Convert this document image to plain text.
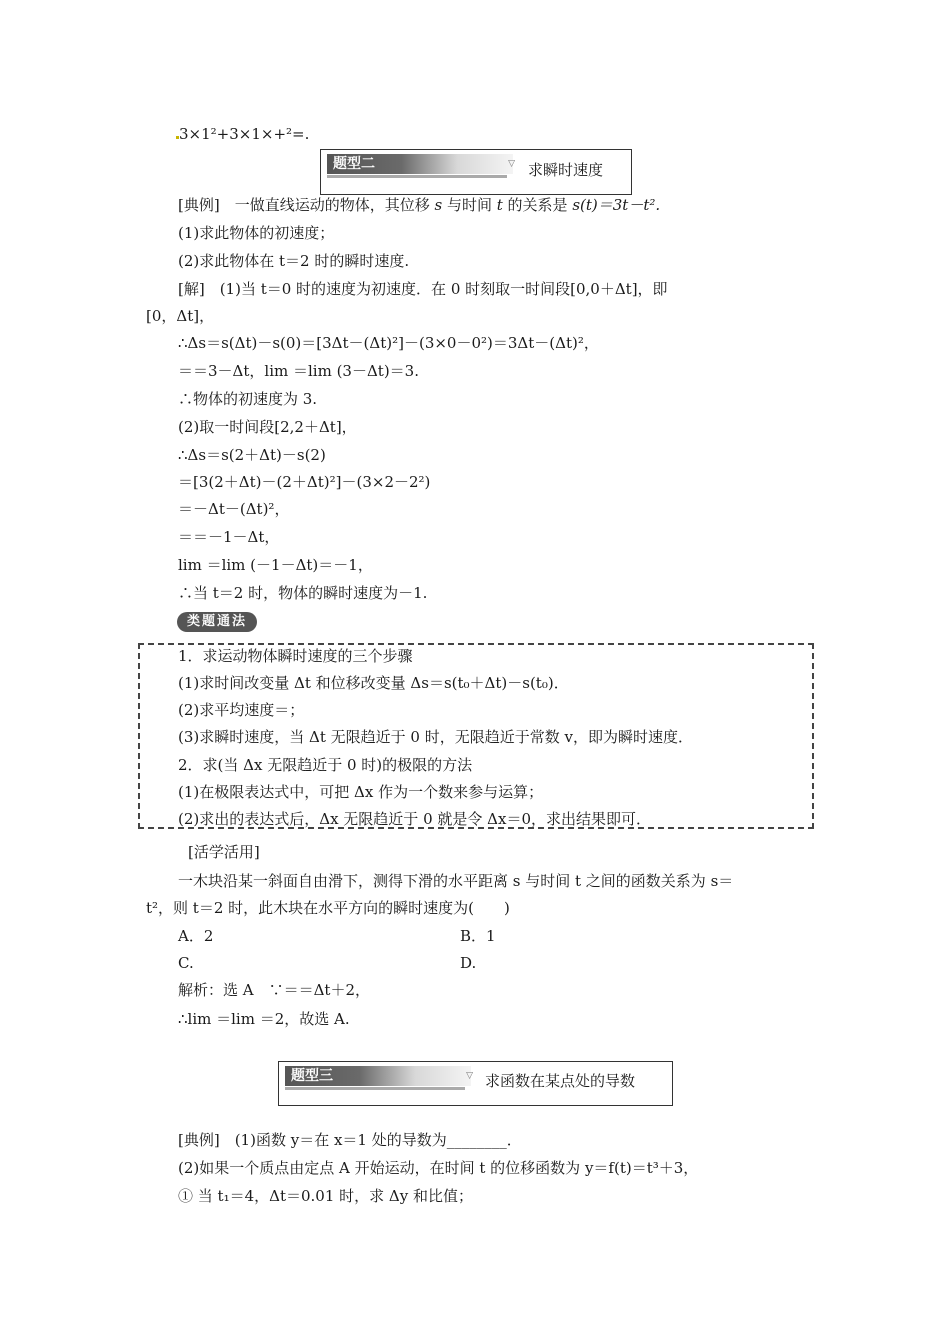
3×1²+3×1×+²=.
题型二	▽ 求瞬时速度
[典例]　一做直线运动的物体，其位移 s 与时间 t 的关系是 s(t)＝3t－t².
(1)求此物体的初速度；
(2)求此物体在 t＝2 时的瞬时速度.
[解]　(1)当 t＝0 时的速度为初速度．在 0 时刻取一时间段[0,0＋Δt]，即
[0，Δt]，
∴Δs＝s(Δt)－s(0)＝[3Δt－(Δt)²]－(3×0－0²)＝3Δt－(Δt)²，
＝＝3－Δt，lim ＝lim (3－Δt)＝3.
∴物体的初速度为 3.
(2)取一时间段[2,2＋Δt]，
∴Δs＝s(2＋Δt)－s(2)
＝[3(2＋Δt)－(2＋Δt)²]－(3×2－2²)
＝－Δt－(Δt)²，
＝＝－1－Δt，
lim ＝lim (－1－Δt)＝－1，
∴当 t＝2 时，物体的瞬时速度为－1.
类题通法
1．求运动物体瞬时速度的三个步骤
(1)求时间改变量 Δt 和位移改变量 Δs＝s(t₀＋Δt)－s(t₀)．
(2)求平均速度＝；
(3)求瞬时速度，当 Δt 无限趋近于 0 时，无限趋近于常数 v，即为瞬时速度．
2．求(当 Δx 无限趋近于 0 时)的极限的方法
(1)在极限表达式中，可把 Δx 作为一个数来参与运算；
(2)求出的表达式后，Δx 无限趋近于 0 就是令 Δx＝0，求出结果即可．
[活学活用]
一木块沿某一斜面自由滑下，测得下滑的水平距离 s 与时间 t 之间的函数关系为 s＝
t²，则 t＝2 时，此木块在水平方向的瞬时速度为(　　)
A．2	B．1
C.	D.
解析：选 A　∵＝＝Δt＋2，
∴lim ＝lim ＝2，故选 A.
题型三	▽ 求函数在某点处的导数
[典例]　(1)函数 y＝在 x＝1 处的导数为________．
(2)如果一个质点由定点 A 开始运动，在时间 t 的位移函数为 y＝f(t)＝t³＋3，
① 当 t₁＝4，Δt＝0.01 时，求 Δy 和比值；
